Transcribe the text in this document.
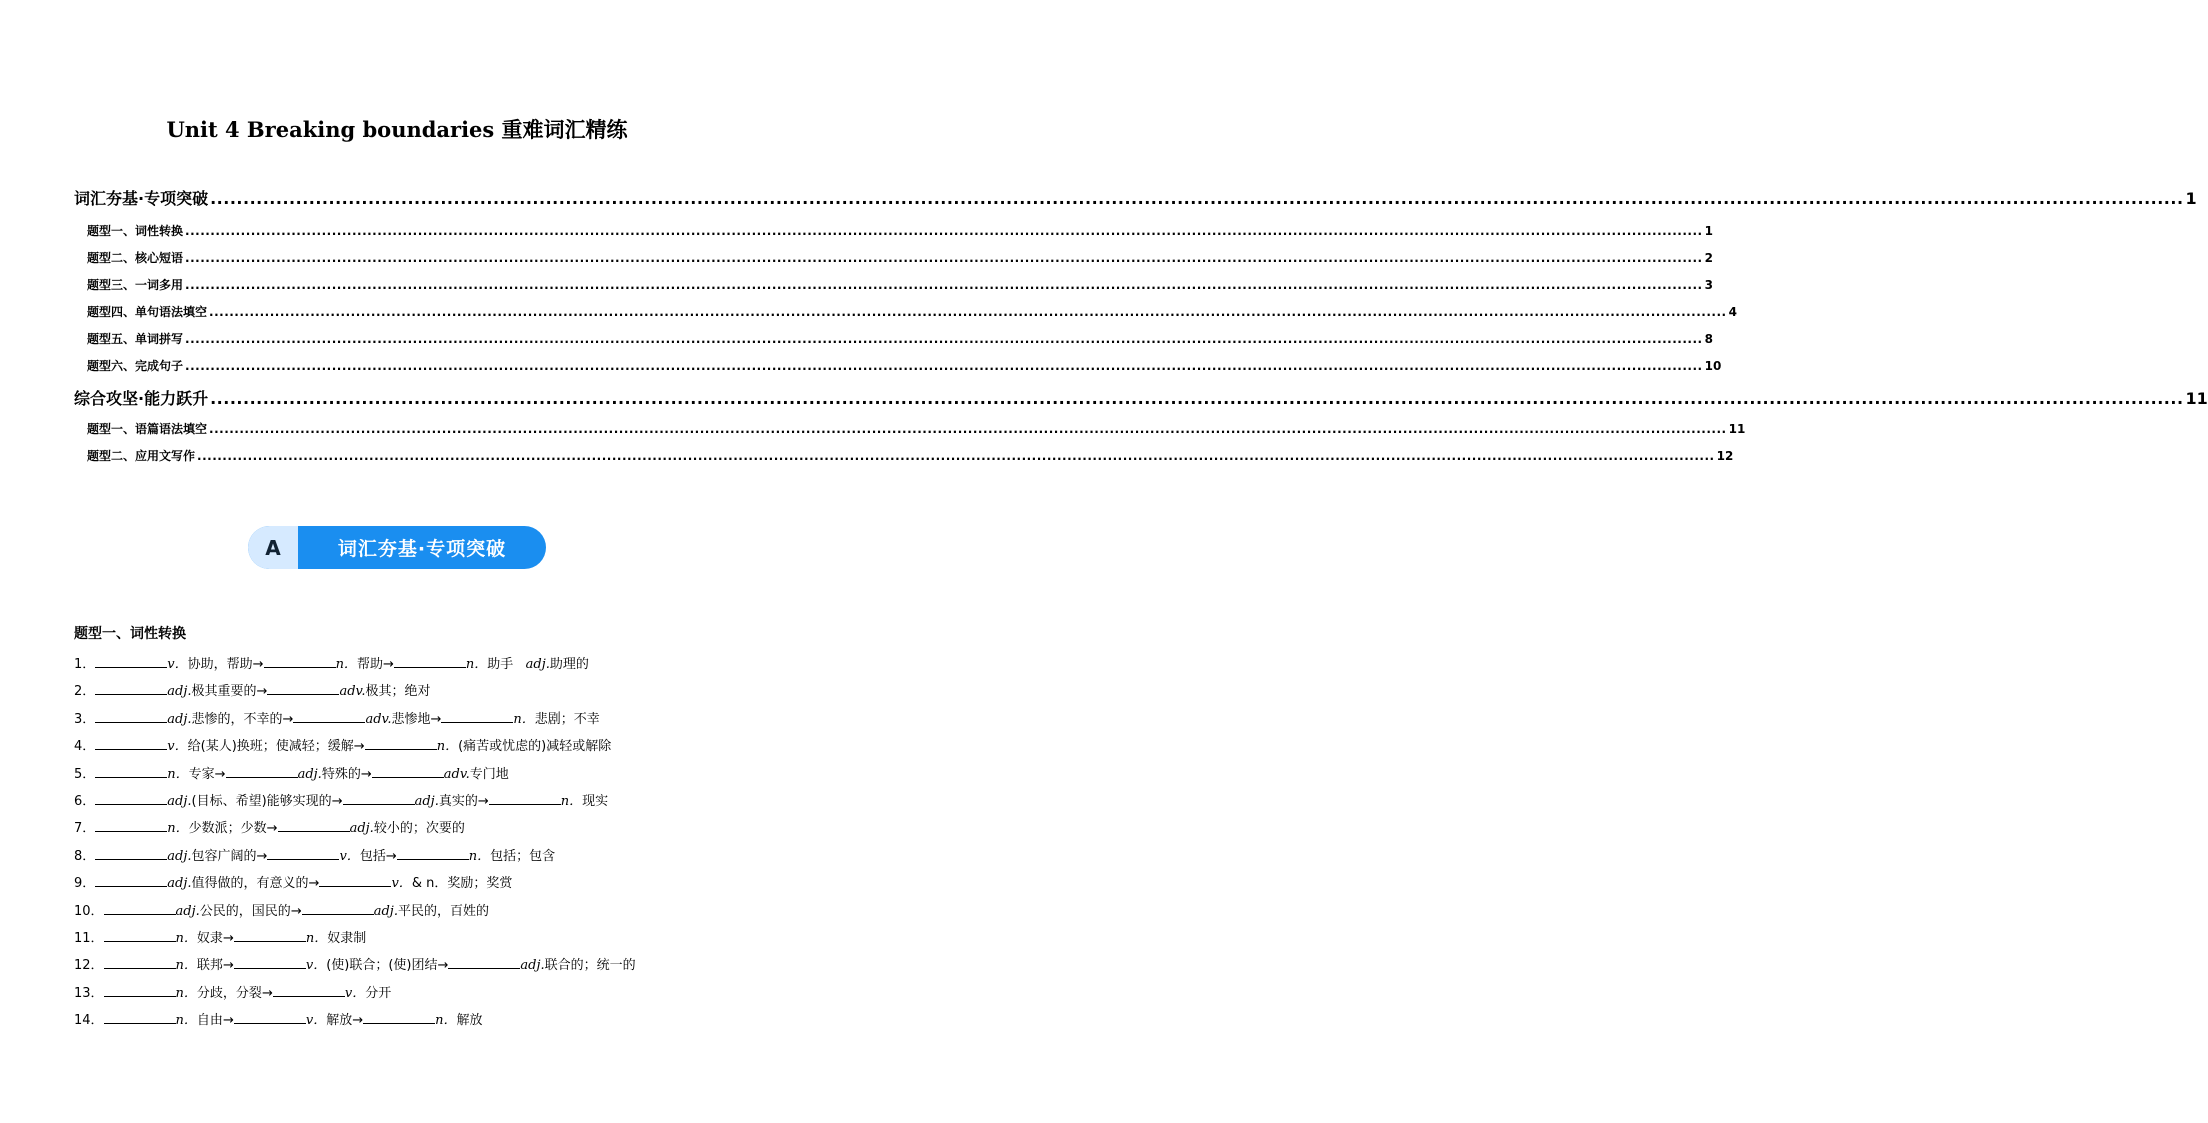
Unit 4 Breaking boundaries 重难词汇精练
词汇夯基·专项突破 ............................................................................................................................................................................................................................................................................................................ 1
题型一、词性转换 ............................................................................................................................................................................................................................................................................................................ 1
题型二、核心短语 ............................................................................................................................................................................................................................................................................................................ 2
题型三、一词多用 ............................................................................................................................................................................................................................................................................................................ 3
题型四、单句语法填空 ............................................................................................................................................................................................................................................................................................................ 4
题型五、单词拼写 ............................................................................................................................................................................................................................................................................................................ 8
题型六、完成句子 ............................................................................................................................................................................................................................................................................................................ 10
综合攻坚·能力跃升 ............................................................................................................................................................................................................................................................................................................ 11
题型一、语篇语法填空 ............................................................................................................................................................................................................................................................................................................ 11
题型二、应用文写作 ............................................................................................................................................................................................................................................................................................................ 12
A	词汇夯基·专项突破
题型一、词性转换
1．	v．协助，帮助→	n．帮助→	n．助手 adj.助理的
2．	adj.极其重要的→	adv.极其；绝对
3．	adj.悲惨的，不幸的→	adv.悲惨地→	n．悲剧；不幸
4．	v．给(某人)换班；使减轻；缓解→	n．(痛苦或忧虑的)减轻或解除
5．	n．专家→	adj.特殊的→	adv.专门地
6．	adj.(目标、希望)能够实现的→	adj.真实的→	n．现实
7．	n．少数派；少数→	adj.较小的；次要的
8．	adj.包容广阔的→	v．包括→	n．包括；包含
9．	adj.值得做的，有意义的→	v．& n．奖励；奖赏
10．	adj.公民的，国民的→	adj.平民的，百姓的
11．	n．奴隶→	n．奴隶制
12．	n．联邦→	v．(使)联合；(使)团结→	adj.联合的；统一的
13．	n．分歧，分裂→	v．分开
14．	n．自由→	v．解放→	n．解放
